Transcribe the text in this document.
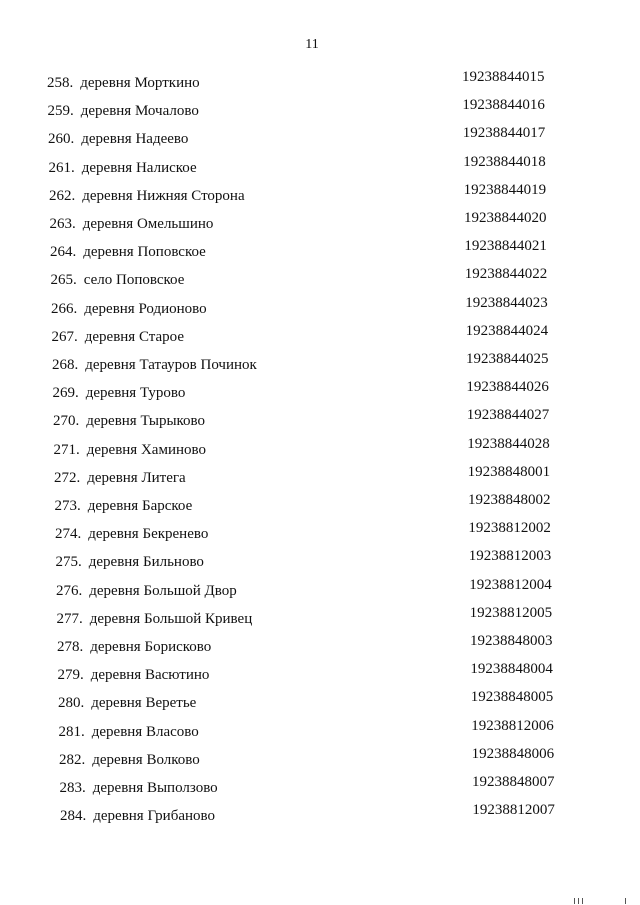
11
258. деревня Морткино	19238844015
259. деревня Мочалово	19238844016
260. деревня Надеево	19238844017
261. деревня Налиское	19238844018
262. деревня Нижняя Сторона	19238844019
263. деревня Омельшино	19238844020
264. деревня Поповское	19238844021
265. село Поповское	19238844022
266. деревня Родионово	19238844023
267. деревня Старое	19238844024
268. деревня Татауров Починок	19238844025
269. деревня Турово	19238844026
270. деревня Тырыково	19238844027
271. деревня Хаминово	19238844028
272. деревня Литега	19238848001
273. деревня Барское	19238848002
274. деревня Бекренево	19238812002
275. деревня Бильново	19238812003
276. деревня Большой Двор	19238812004
277. деревня Большой Кривец	19238812005
278. деревня Борисково	19238848003
279. деревня Васютино	19238848004
280. деревня Веретье	19238848005
281. деревня Власово	19238812006
282. деревня Волково	19238848006
283. деревня Выползово	19238848007
284. деревня Грибаново	19238812007
